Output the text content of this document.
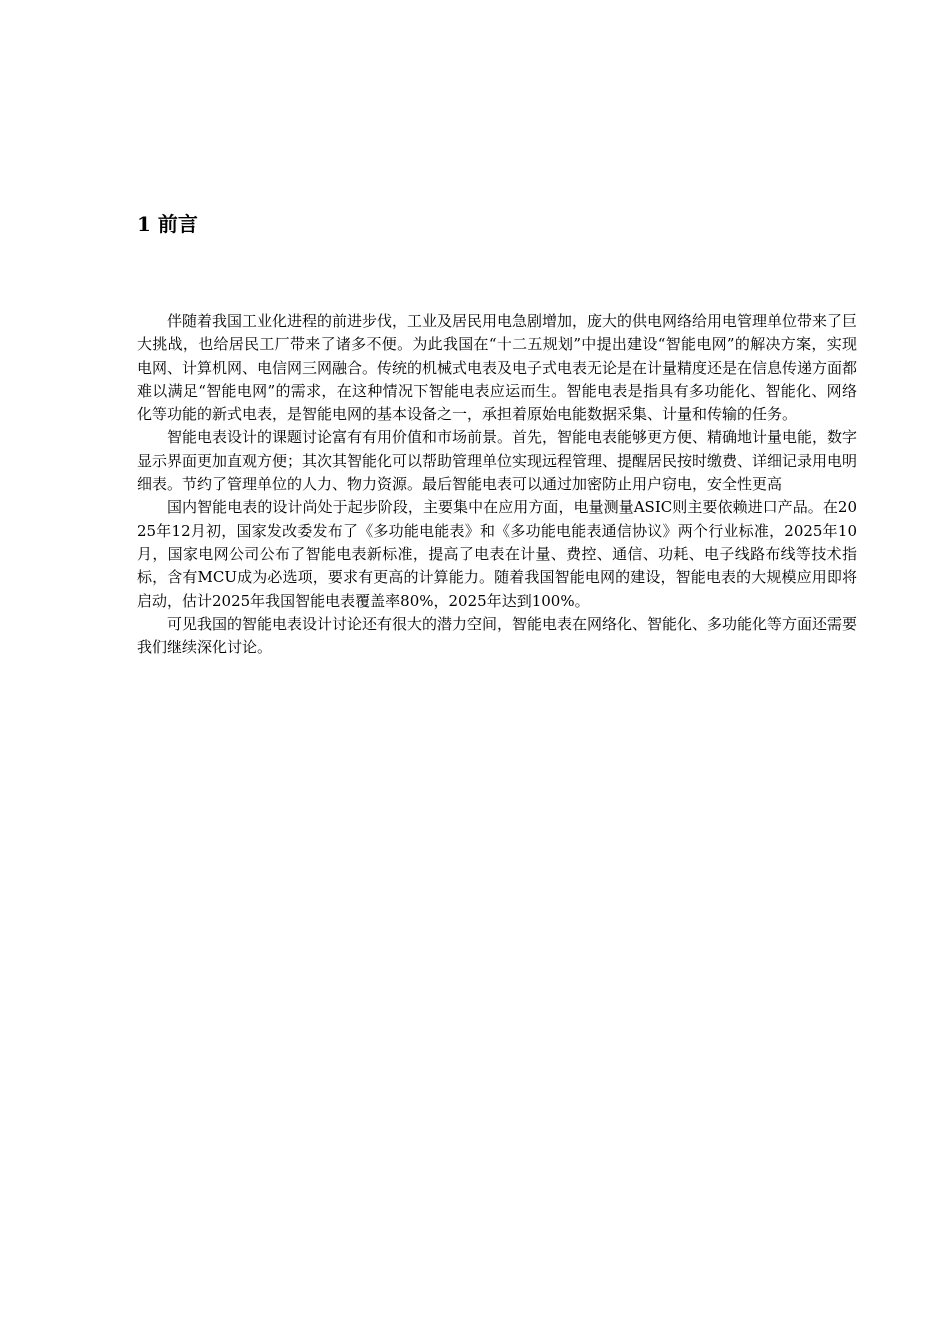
1 前言

伴随着我国工业化进程的前进步伐，工业及居民用电急剧增加，庞大的供电网络给用电管理单位带来了巨大挑战，也给居民工厂带来了诸多不便。为此我国在“十二五规划”中提出建设“智能电网”的解决方案，实现电网、计算机网、电信网三网融合。传统的机械式电表及电子式电表无论是在计量精度还是在信息传递方面都难以满足“智能电网”的需求，在这种情况下智能电表应运而生。智能电表是指具有多功能化、智能化、网络化等功能的新式电表，是智能电网的基本设备之一，承担着原始电能数据采集、计量和传输的任务。

智能电表设计的课题讨论富有有用价值和市场前景。首先，智能电表能够更方便、精确地计量电能，数字显示界面更加直观方便；其次其智能化可以帮助管理单位实现远程管理、提醒居民按时缴费、详细记录用电明细表。节约了管理单位的人力、物力资源。最后智能电表可以通过加密防止用户窃电，安全性更高

国内智能电表的设计尚处于起步阶段，主要集中在应用方面，电量测量ASIC则主要依赖进口产品。在2025年12月初，国家发改委发布了《多功能电能表》和《多功能电能表通信协议》两个行业标准，2025年10月，国家电网公司公布了智能电表新标准，提高了电表在计量、费控、通信、功耗、电子线路布线等技术指标，含有MCU成为必选项，要求有更高的计算能力。随着我国智能电网的建设，智能电表的大规模应用即将启动，估计2025年我国智能电表覆盖率80%，2025年达到100%。

可见我国的智能电表设计讨论还有很大的潜力空间，智能电表在网络化、智能化、多功能化等方面还需要我们继续深化讨论。
